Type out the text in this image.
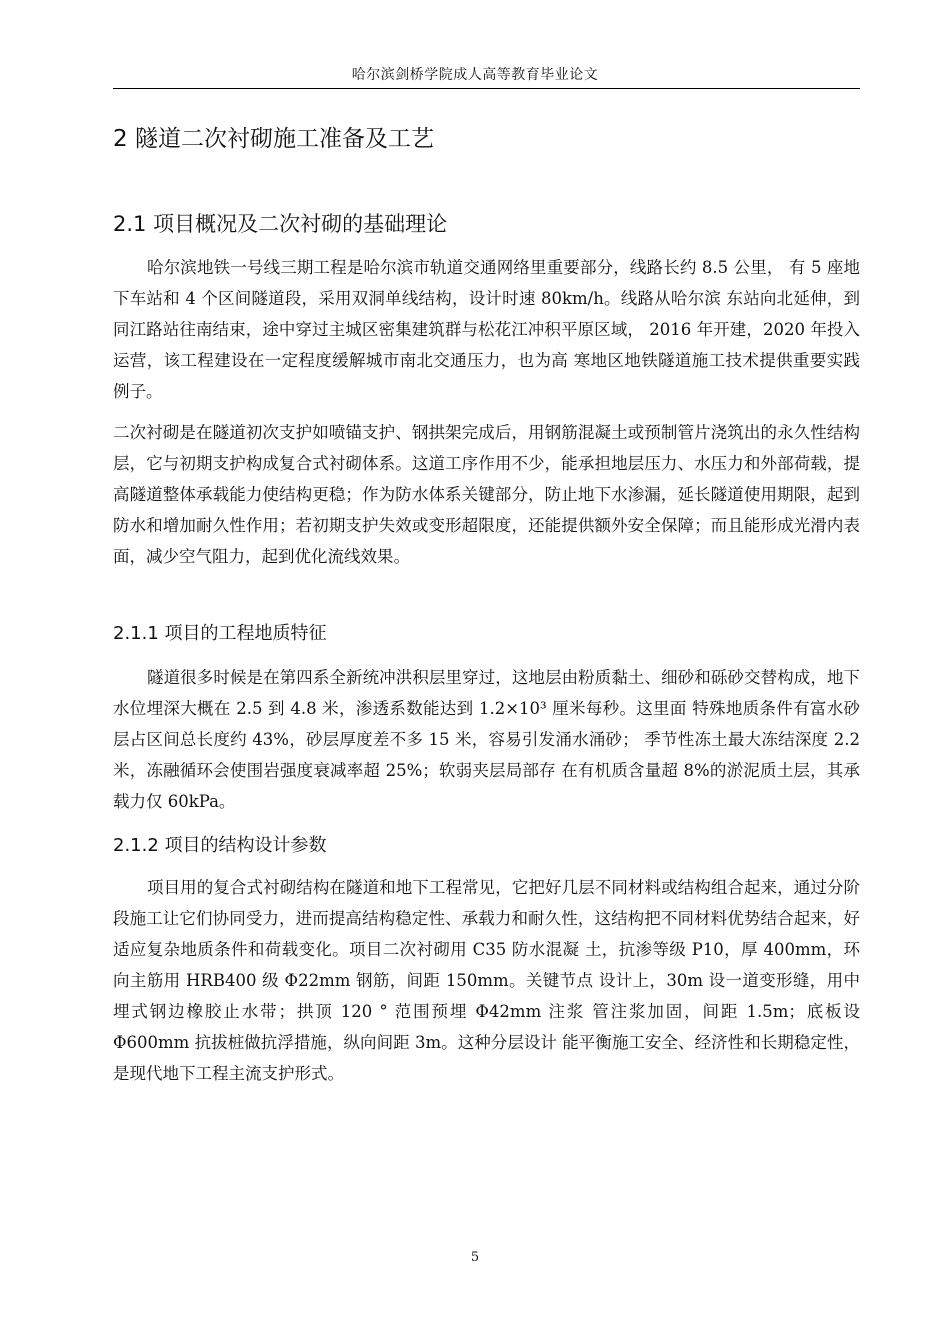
哈尔滨剑桥学院成人高等教育毕业论文
2 隧道二次衬砌施工准备及工艺
2.1 项目概况及二次衬砌的基础理论

哈尔滨地铁一号线三期工程是哈尔滨市轨道交通网络里重要部分，线路长约 8.5 公里， 有 5 座地下车站和 4 个区间隧道段，采用双洞单线结构，设计时速 80km/h。线路从哈尔滨 东站向北延伸，到同江路站往南结束，途中穿过主城区密集建筑群与松花江冲积平原区域， 2016 年开建，2020 年投入运营，该工程建设在一定程度缓解城市南北交通压力，也为高 寒地区地铁隧道施工技术提供重要实践例子。

二次衬砌是在隧道初次支护如喷锚支护、钢拱架完成后，用钢筋混凝土或预制管片浇筑出的永久性结构层，它与初期支护构成复合式衬砌体系。这道工序作用不少，能承担地层压力、水压力和外部荷载，提高隧道整体承载能力使结构更稳；作为防水体系关键部分，防止地下水渗漏，延长隧道使用期限，起到防水和增加耐久性作用；若初期支护失效或变形超限度，还能提供额外安全保障；而且能形成光滑内表面，减少空气阻力，起到优化流线效果。

2.1.1 项目的工程地质特征

隧道很多时候是在第四系全新统冲洪积层里穿过，这地层由粉质黏土、细砂和砾砂交替构成，地下水位埋深大概在 2.5 到 4.8 米，渗透系数能达到 1.2×10³ 厘米每秒。这里面 特殊地质条件有富水砂层占区间总长度约 43%，砂层厚度差不多 15 米，容易引发涌水涌砂； 季节性冻土最大冻结深度 2.2 米，冻融循环会使围岩强度衰减率超 25%；软弱夹层局部存 在有机质含量超 8%的淤泥质土层，其承载力仅 60kPa。

2.1.2 项目的结构设计参数

项目用的复合式衬砌结构在隧道和地下工程常见，它把好几层不同材料或结构组合起来，通过分阶段施工让它们协同受力，进而提高结构稳定性、承载力和耐久性，这结构把不同材料优势结合起来，好适应复杂地质条件和荷载变化。项目二次衬砌用 C35 防水混凝 土，抗渗等级 P10，厚 400mm，环向主筋用 HRB400 级 Φ22mm 钢筋，间距 150mm。关键节点 设计上，30m 设一道变形缝，用中埋式钢边橡胶止水带；拱顶 120 ° 范围预埋 Φ42mm 注浆 管注浆加固，间距 1.5m；底板设 Φ600mm 抗拔桩做抗浮措施，纵向间距 3m。这种分层设计 能平衡施工安全、经济性和长期稳定性，是现代地下工程主流支护形式。

5
